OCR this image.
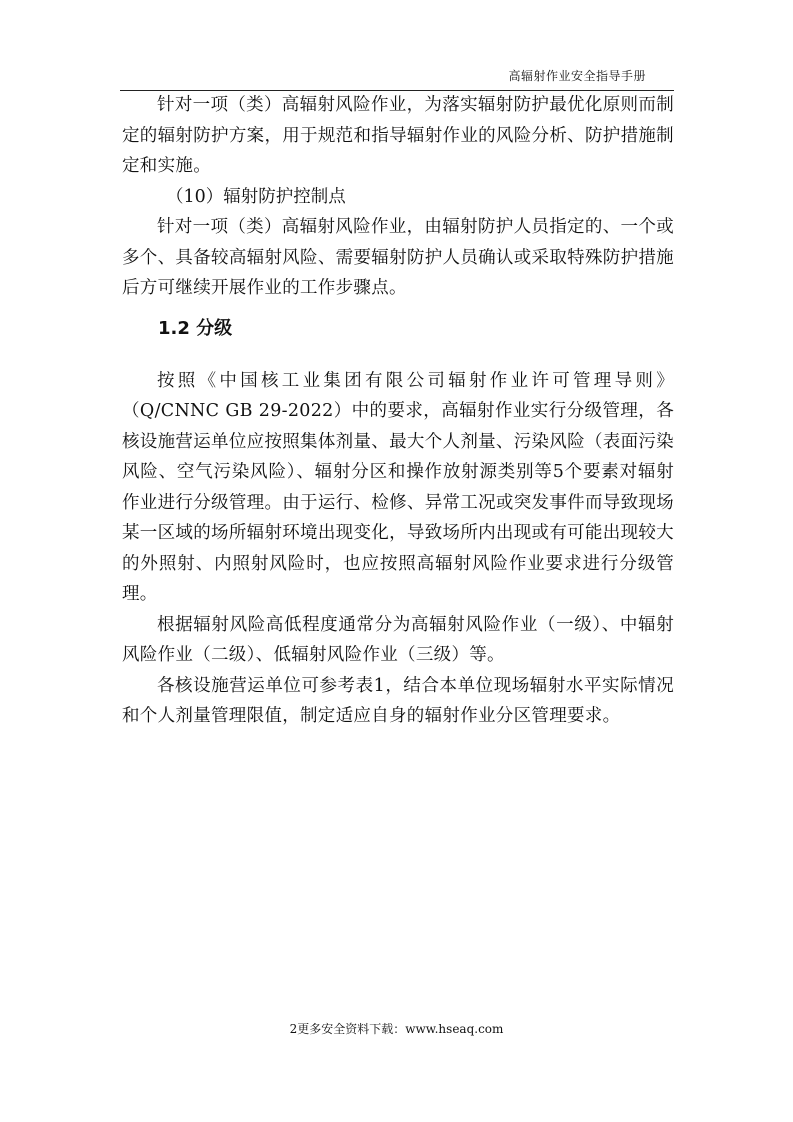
高辐射作业安全指导手册

针对一项（类）高辐射风险作业，为落实辐射防护最优化原则而制定的辐射防护方案，用于规范和指导辐射作业的风险分析、防护措施制定和实施。

（10）辐射防护控制点

针对一项（类）高辐射风险作业，由辐射防护人员指定的、一个或多个、具备较高辐射风险、需要辐射防护人员确认或采取特殊防护措施后方可继续开展作业的工作步骤点。

1.2 分级

按照《中国核工业集团有限公司辐射作业许可管理导则》（Q/CNNC GB 29-2022）中的要求，高辐射作业实行分级管理，各核设施营运单位应按照集体剂量、最大个人剂量、污染风险（表面污染风险、空气污染风险）、辐射分区和操作放射源类别等5个要素对辐射作业进行分级管理。由于运行、检修、异常工况或突发事件而导致现场某一区域的场所辐射环境出现变化，导致场所内出现或有可能出现较大的外照射、内照射风险时，也应按照高辐射风险作业要求进行分级管理。

根据辐射风险高低程度通常分为高辐射风险作业（一级）、中辐射风险作业（二级）、低辐射风险作业（三级）等。

各核设施营运单位可参考表1，结合本单位现场辐射水平实际情况和个人剂量管理限值，制定适应自身的辐射作业分区管理要求。

2更多安全资料下载：www.hseaq.com
